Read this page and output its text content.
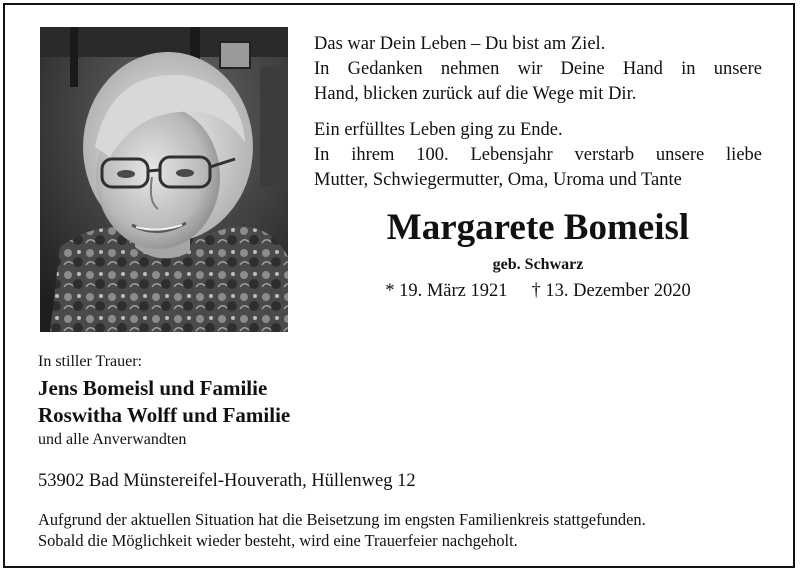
Das war Dein Leben – Du bist am Ziel.
In Gedanken nehmen wir Deine Hand in unsere
Hand, blicken zurück auf die Wege mit Dir.

Ein erfülltes Leben ging zu Ende.
In ihrem 100. Lebensjahr verstarb unsere liebe
Mutter, Schwiegermutter, Oma, Uroma und Tante

Margarete Bomeisl
geb. Schwarz
* 19. März 1921 † 13. Dezember 2020
In stiller Trauer:
Jens Bomeisl und Familie
Roswitha Wolff und Familie
und alle Anverwandten
53902 Bad Münstereifel-Houverath, Hüllenweg 12
Aufgrund der aktuellen Situation hat die Beisetzung im engsten Familienkreis stattgefunden.
Sobald die Möglichkeit wieder besteht, wird eine Trauerfeier nachgeholt.
